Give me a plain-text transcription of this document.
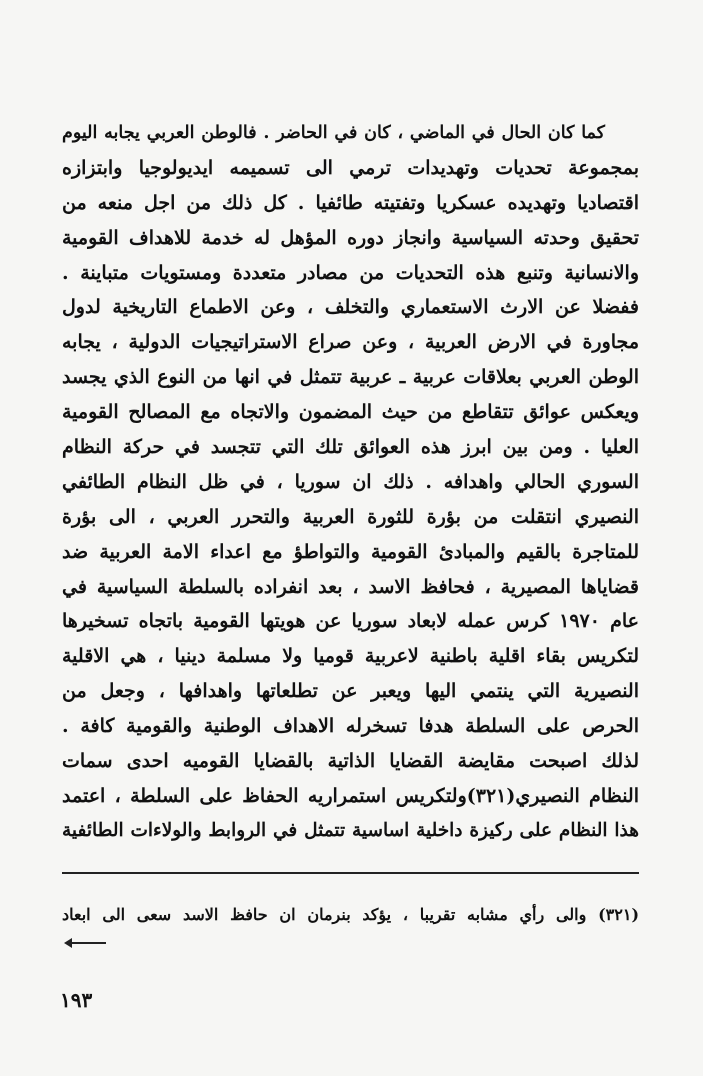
كما كان الحال في الماضي ، كان في الحاضر . فالوطن العربي يجابه اليوم
بمجموعة تحديات وتهديدات ترمي الى تسميمه ايديولوجيا وابتزازه
اقتصاديا وتهديده عسكريا وتفتيته طائفيا . كل ذلك من اجل منعه من
تحقيق وحدته السياسية وانجاز دوره المؤهل له خدمة للاهداف القومية
والانسانية وتنبع هذه التحديات من مصادر متعددة ومستويات متباينة .
ففضلا عن الارث الاستعماري والتخلف ، وعن الاطماع التاريخية لدول
مجاورة في الارض العربية ، وعن صراع الاستراتيجيات الدولية ، يجابه
الوطن العربي بعلاقات عربية ـ عربية تتمثل في انها من النوع الذي يجسد
ويعكس عوائق تتقاطع من حيث المضمون والاتجاه مع المصالح القومية
العليا . ومن بين ابرز هذه العوائق تلك التي تتجسد في حركة النظام
السوري الحالي واهدافه . ذلك ان سوريا ، في ظل النظام الطائفي
النصيري انتقلت من بؤرة للثورة العربية والتحرر العربي ، الى بؤرة
للمتاجرة بالقيم والمبادئ القومية والتواطؤ مع اعداء الامة العربية ضد
قضاياها المصيرية ، فحافظ الاسد ، بعد انفراده بالسلطة السياسية في
عام ١٩٧٠ كرس عمله لابعاد سوريا عن هويتها القومية باتجاه تسخيرها
لتكريس بقاء اقلية باطنية لاعربية قوميا ولا مسلمة دينيا ، هي الاقلية
النصيرية التي ينتمي اليها ويعبر عن تطلعاتها واهدافها ، وجعل من
الحرص على السلطة هدفا تسخرله الاهداف الوطنية والقومية كافة .
لذلك اصبحت مقايضة القضايا الذاتية بالقضايا القوميه احدى سمات
النظام النصيري(٣٢١)ولتكريس استمراريه الحفاظ على السلطة ، اعتمد
هذا النظام على ركيزة داخلية اساسية تتمثل في الروابط والولاءات الطائفية
(٣٢١) والى رأي مشابه تقريبا ، يؤكد بنرمان ان حافظ الاسد سعى الى ابعاد
١٩٣
